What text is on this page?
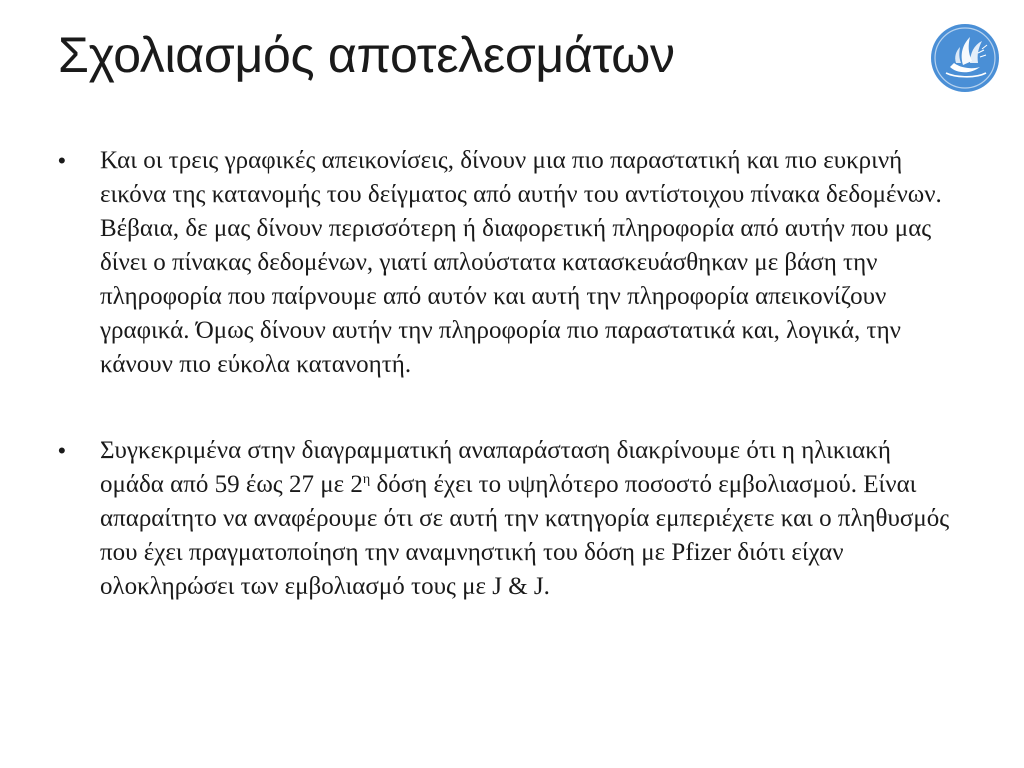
Σχολιασμός αποτελεσμάτων
• Και οι τρεις γραφικές απεικονίσεις, δίνουν μια πιο παραστατική και πιο ευκρινή εικόνα της κατανομής του δείγματος από αυτήν του αντίστοιχου πίνακα δεδομένων. Βέβαια, δε μας δίνουν περισσότερη ή διαφορετική πληροφορία από αυτήν που μας δίνει ο πίνακας δεδομένων, γιατί απλούστατα κατασκευάσθηκαν με βάση την πληροφορία που παίρνουμε από αυτόν και αυτή την πληροφορία απεικονίζουν γραφικά. Όμως δίνουν αυτήν την πληροφορία πιο παραστατικά και, λογικά, την κάνουν πιο εύκολα κατανοητή.
• Συγκεκριμένα στην διαγραμματική αναπαράσταση διακρίνουμε ότι η ηλικιακή ομάδα από 59 έως 27 με $2^\eta$ δόση έχει το υψηλότερο ποσοστό εμβολιασμού. Είναι απαραίτητο να αναφέρουμε ότι σε αυτή την κατηγορία εμπεριέχετε και ο πληθυσμός που έχει πραγματοποίηση την αναμνηστική του δόση με Pfizer διότι είχαν ολοκληρώσει των εμβολιασμό τους με J & J.
